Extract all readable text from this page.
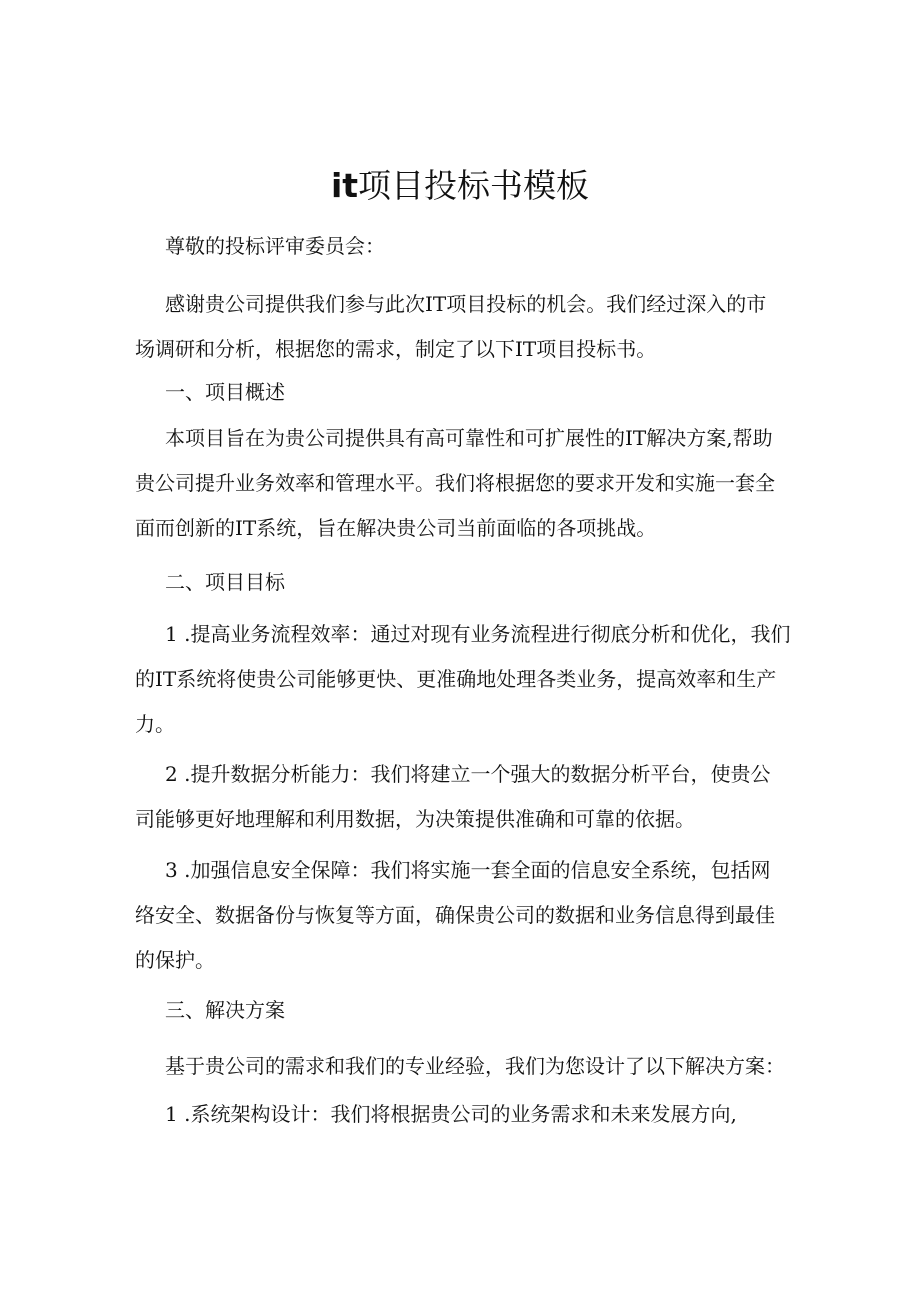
it项目投标书模板

尊敬的投标评审委员会：

感谢贵公司提供我们参与此次IT项目投标的机会。我们经过深入的市
场调研和分析，根据您的需求，制定了以下IT项目投标书。

一、项目概述

本项目旨在为贵公司提供具有高可靠性和可扩展性的IT解决方案,帮助
贵公司提升业务效率和管理水平。我们将根据您的要求开发和实施一套全
面而创新的IT系统，旨在解决贵公司当前面临的各项挑战。

二、项目目标

1 .提高业务流程效率：通过对现有业务流程进行彻底分析和优化，我们
的IT系统将使贵公司能够更快、更准确地处理各类业务，提高效率和生产
力。

2 .提升数据分析能力：我们将建立一个强大的数据分析平台，使贵公
司能够更好地理解和利用数据，为决策提供准确和可靠的依据。

3 .加强信息安全保障：我们将实施一套全面的信息安全系统，包括网
络安全、数据备份与恢复等方面，确保贵公司的数据和业务信息得到最佳
的保护。

三、解决方案

基于贵公司的需求和我们的专业经验，我们为您设计了以下解决方案：

1 .系统架构设计：我们将根据贵公司的业务需求和未来发展方向,
